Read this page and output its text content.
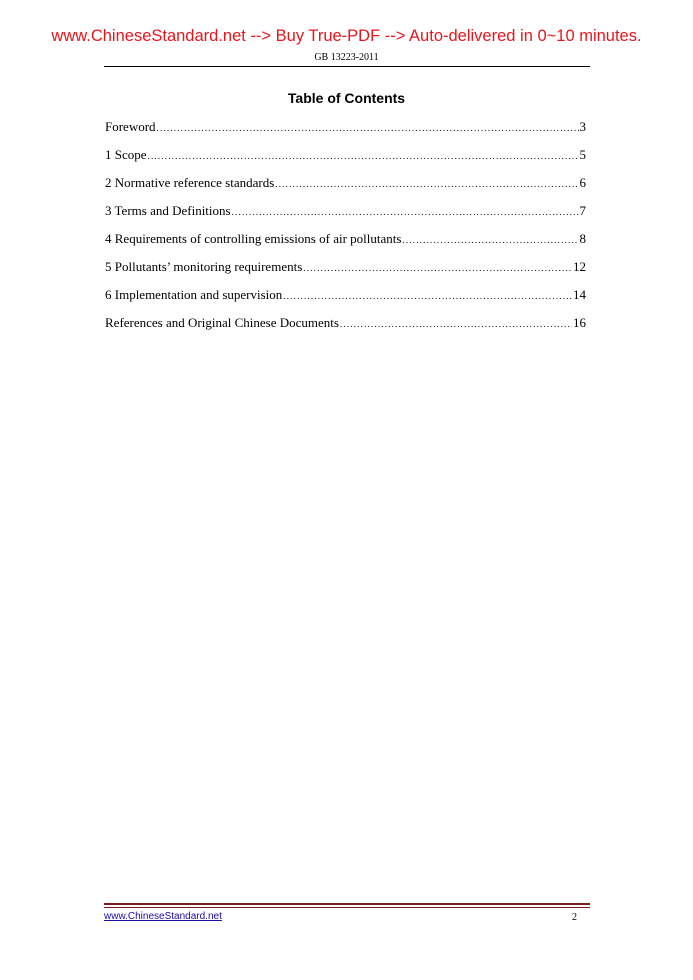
www.ChineseStandard.net --> Buy True-PDF --> Auto-delivered in 0~10 minutes.
GB 13223-2011
Table of Contents
Foreword .....	3
1 Scope .....	5
2 Normative reference standards .....	6
3 Terms and Definitions .....	7
4 Requirements of controlling emissions of air pollutants .....	8
5 Pollutants’ monitoring requirements .....	12
6 Implementation and supervision .....	14
References and Original Chinese Documents .....	16
www.ChineseStandard.net	2
